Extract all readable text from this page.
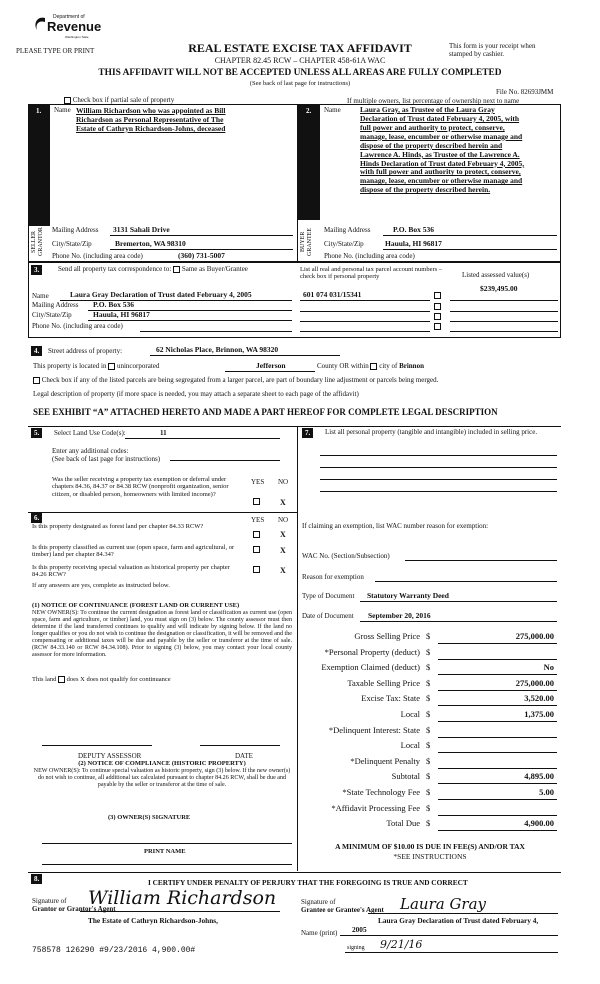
Department of
Revenue
Washington State
PLEASE TYPE OR PRINT	REAL ESTATE EXCISE TAX AFFIDAVIT
CHAPTER 82.45 RCW – CHAPTER 458-61A WAC
This form is your receipt when stamped by cashier.
THIS AFFIDAVIT WILL NOT BE ACCEPTED UNLESS ALL AREAS ARE FULLY COMPLETED
(See back of last page for instructions)
File No. 82693JMM
Check box if partial sale of property	If multiple owners, list percentage of ownership next to name
1.	2.
Name William Richardson who was appointed as Bill
Richardson as Personal Representative of The
Estate of Cathryn Richardson-Johns, deceased
SELLER GRANTOR Mailing Address 3131 Sahali Drive
City/State/Zip	Bremerton, WA 98310
Phone No. (including area code)	(360) 731-5007
Name	Laura Gray, as Trustee of the Laura Gray
Declaration of Trust dated February 4, 2005, with
full power and authority to protect, conserve,
manage, lease, encumber or otherwise manage and
dispose of the property described herein and
Lawrence A. Hinds, as Trustee of the Lawrence A.
Hinds Declaration of Trust dated February 4, 2005,
with full power and authority to protect, conserve,
manage, lease, encumber or otherwise manage and
dispose of the property described herein.
BUYER GRANTEE Mailing Address	P.O. Box 536
City/State/Zip	Hauula, HI 96817
Phone No. (including area code)
3.	Send all property tax correspondence to: Same as Buyer/Grantee	List all real and personal tax parcel account numbers – check box if personal property	Listed assessed value(s)
$239,495.00
Name	Laura Gray Declaration of Trust dated February 4, 2005
Mailing Address P.O. Box 536
City/State/Zip	Hauula, HI 96817
Phone No. (including area code)
601 074 031/15341
4.	Street address of property:	62 Nicholas Place, Brinnon, WA 98320
This property is located in unincorporated	Jefferson	County OR within city of Brinnon
Check box if any of the listed parcels are being segregated from a larger parcel, are part of boundary line adjustment or parcels being merged.
Legal description of property (if more space is needed, you may attach a separate sheet to each page of the affidavit)
SEE EXHIBIT “A” ATTACHED HERETO AND MADE A PART HEREOF FOR COMPLETE LEGAL DESCRIPTION
5.	Select Land Use Code(s):	11
Enter any additional codes:
(See back of last page for instructions)
YES NO
Was the seller receiving a property tax exemption or deferral under chapters 84.36, 84.37 or 84.38 RCW (nonprofit organization, senior citizen, or disabled person, homeowners with limited income)?
X
6.	YES NO
Is this property designated as forest land per chapter 84.33 RCW?
X
Is this property classified as current use (open space, farm and agricultural, or timber) land per chapter 84.34?	X
Is this property receiving special valuation as historical property per chapter 84.26 RCW?	X
If any answers are yes, complete as instructed below.
(1) NOTICE OF CONTINUANCE (FOREST LAND OR CURRENT USE)
NEW OWNER(S): To continue the current designation as forest land or classification as current use (open space, farm and agriculture, or timber) land, you must sign on (3) below. The county assessor must then determine if the land transferred continues to qualify and will indicate by signing below. If the land no longer qualifies or you do not wish to continue the designation or classification, it will be removed and the compensating or additional taxes will be due and payable by the seller or transferor at the time of sale. (RCW 84.33.140 or RCW 84.34.108). Prior to signing (3) below, you may contact your local county assessor for more information.
This land does X does not qualify for continuance
DEPUTY ASSESSOR	DATE
(2) NOTICE OF COMPLIANCE (HISTORIC PROPERTY)
NEW OWNER(S): To continue special valuation as historic property, sign (3) below. If the new owner(s) do not wish to continue, all additional tax calculated pursuant to chapter 84.26 RCW, shall be due and payable by the seller or transferor at the time of sale.
(3) OWNER(S) SIGNATURE
PRINT NAME
7.	List all personal property (tangible and intangible) included in selling price.
If claiming an exemption, list WAC number reason for exemption:
WAC No. (Section/Subsection)
Reason for exemption
Type of Document Statutory Warranty Deed
Date of Document September 20, 2016
Gross Selling Price $	275,000.00
*Personal Property (deduct) $
Exemption Claimed (deduct) $	No
Taxable Selling Price $	275,000.00
Excise Tax: State $	3,520.00
Local $	1,375.00
*Delinquent Interest: State $
Local $
*Delinquent Penalty $
Subtotal $	4,895.00
*State Technology Fee $	5.00
*Affidavit Processing Fee $
Total Due $	4,900.00
A MINIMUM OF $10.00 IS DUE IN FEE(S) AND/OR TAX
*SEE INSTRUCTIONS
8.	I CERTIFY UNDER PENALTY OF PERJURY THAT THE FOREGOING IS TRUE AND CORRECT
William Richardson
Signature of
Grantor or Grantor's Agent
The Estate of Cathryn Richardson-Johns,
Signature of
Grantee or Grantee's Agent Laura Gray
Laura Gray Declaration of Trust dated February 4,
Name (print) 2005
signing 9/21/16
758578 126290 #9/23/2016 4,900.00#
